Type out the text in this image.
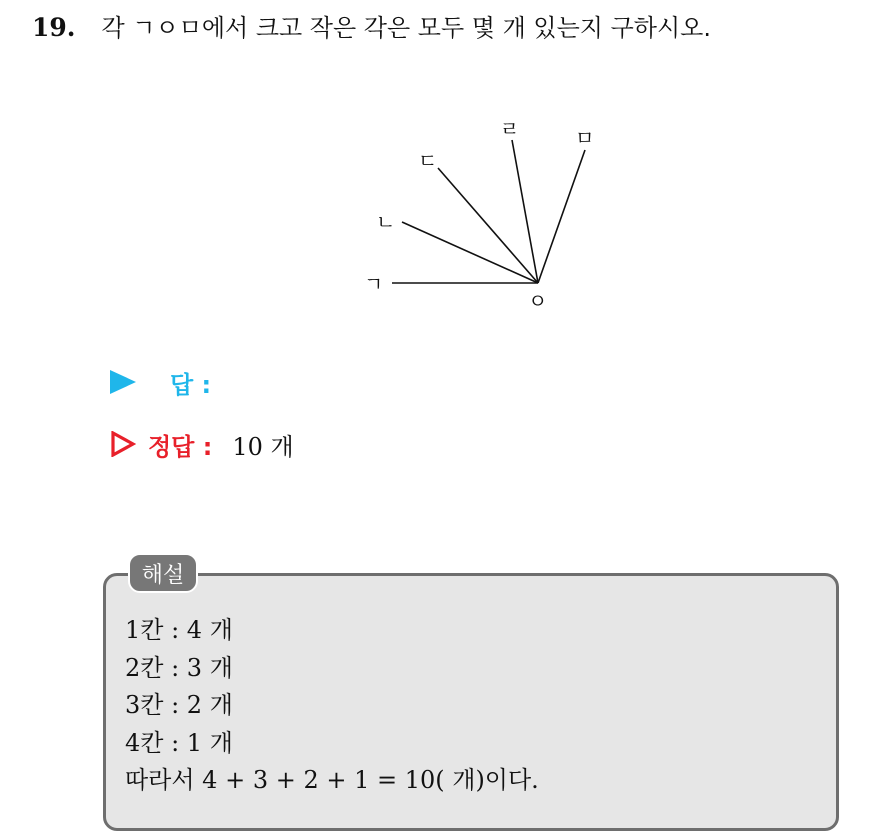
19. 각 ㄱㅇㅁ에서 크고 작은 각은 모두 몇 개 있는지 구하시오.
ㄱ
ㄴ
ㄷ
ㄹ	ㅁ
ㅇ
답 :
정답 : 10 개
해설
1칸 : 4 개
2칸 : 3 개
3칸 : 2 개
4칸 : 1 개
따라서 4 + 3 + 2 + 1 = 10( 개)이다.
